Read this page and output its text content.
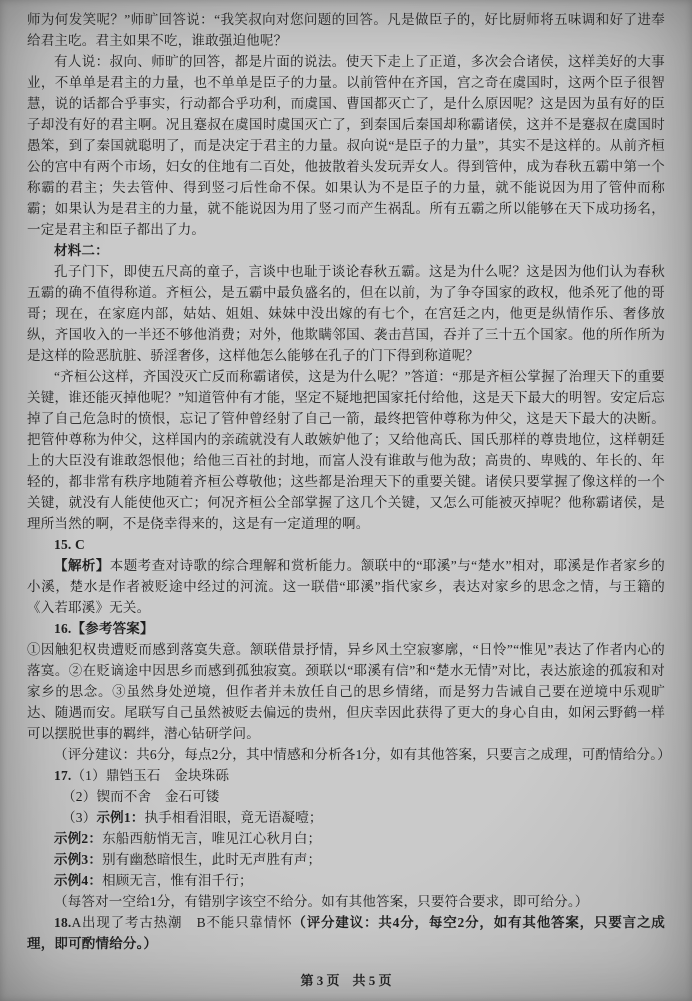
师为何发笑呢？”师旷回答说：“我笑叔向对您问题的回答。凡是做臣子的，好比厨师将五味调和好了进奉给君主吃。君主如果不吃，谁敢强迫他呢？

有人说：叔向、师旷的回答，都是片面的说法。使天下走上了正道，多次会合诸侯，这样美好的大事业，不单单是君主的力量，也不单单是臣子的力量。以前管仲在齐国，宫之奇在虞国时，这两个臣子很智慧，说的话都合乎事实，行动都合乎功利，而虞国、曹国都灭亡了，是什么原因呢？这是因为虽有好的臣子却没有好的君主啊。况且蹇叔在虞国时虞国灭亡了，到秦国后秦国却称霸诸侯，这并不是蹇叔在虞国时愚笨，到了秦国就聪明了，而是决定于君主的力量。叔向说“是臣子的力量”，其实不是这样的。从前齐桓公的宫中有两个市场，妇女的住地有二百处，他披散着头发玩弄女人。得到管仲，成为春秋五霸中第一个称霸的君主；失去管仲、得到竖刁后性命不保。如果认为不是臣子的力量，就不能说因为用了管仲而称霸；如果认为是君主的力量，就不能说因为用了竖刁而产生祸乱。所有五霸之所以能够在天下成功扬名，一定是君主和臣子都出了力。

材料二：

孔子门下，即使五尺高的童子，言谈中也耻于谈论春秋五霸。这是为什么呢？这是因为他们认为春秋五霸的确不值得称道。齐桓公，是五霸中最负盛名的，但在以前，为了争夺国家的政权，他杀死了他的哥哥；现在，在家庭内部，姑姑、姐姐、妹妹中没出嫁的有七个，在宫廷之内，他更是纵情作乐、奢侈放纵，齐国收入的一半还不够他消费；对外，他欺瞒邻国、袭击莒国，吞并了三十五个国家。他的所作所为是这样的险恶肮脏、骄淫奢侈，这样他怎么能够在孔子的门下得到称道呢？

“齐桓公这样，齐国没灭亡反而称霸诸侯，这是为什么呢？”答道：“那是齐桓公掌握了治理天下的重要关键，谁还能灭掉他呢？”知道管仲有才能，坚定不疑地把国家托付给他，这是天下最大的明智。安定后忘掉了自己危急时的愤恨，忘记了管仲曾经射了自己一箭，最终把管仲尊称为仲父，这是天下最大的决断。把管仲尊称为仲父，这样国内的亲疏就没有人敢嫉妒他了；又给他高氏、国氏那样的尊贵地位，这样朝廷上的大臣没有谁敢怨恨他；给他三百社的封地，而富人没有谁敢与他为敌；高贵的、卑贱的、年长的、年轻的，都非常有秩序地随着齐桓公尊敬他；这些都是治理天下的重要关键。诸侯只要掌握了像这样的一个关键，就没有人能使他灭亡；何况齐桓公全部掌握了这几个关键，又怎么可能被灭掉呢？他称霸诸侯，是理所当然的啊，不是侥幸得来的，这是有一定道理的啊。

15. C

【解析】本题考查对诗歌的综合理解和赏析能力。颔联中的“耶溪”与“楚水”相对，耶溪是作者家乡的小溪，楚水是作者被贬途中经过的河流。这一联借“耶溪”指代家乡，表达对家乡的思念之情，与王籍的《入若耶溪》无关。

16.【参考答案】

①因触犯权贵遭贬而感到落寞失意。颔联借景抒情，异乡风土空寂寥廓，“日怜”“惟见”表达了作者内心的落寞。②在贬谪途中因思乡而感到孤独寂寞。颈联以“耶溪有信”和“楚水无情”对比，表达旅途的孤寂和对家乡的思念。③虽然身处逆境，但作者并未放任自己的思乡情绪，而是努力告诫自己要在逆境中乐观旷达、随遇而安。尾联写自己虽然被贬去偏远的贵州，但庆幸因此获得了更大的身心自由，如闲云野鹤一样可以摆脱世事的羁绊，潜心钻研学问。

（评分建议：共6分，每点2分，其中情感和分析各1分，如有其他答案，只要言之成理，可酌情给分。）

17.（1）鼎铛玉石　金块珠砾

（2）锲而不舍　金石可镂

（3）示例1：执手相看泪眼，竟无语凝噎；

示例2：东船西舫悄无言，唯见江心秋月白；

示例3：别有幽愁暗恨生，此时无声胜有声；

示例4：相顾无言，惟有泪千行；

（每答对一空给1分，有错别字该空不给分。如有其他答案，只要符合要求，即可给分。）

18.A出现了考古热潮　B不能只靠情怀（评分建议：共4分，每空2分，如有其他答案，只要言之成理，即可酌情给分。）

第 3 页　共 5 页
